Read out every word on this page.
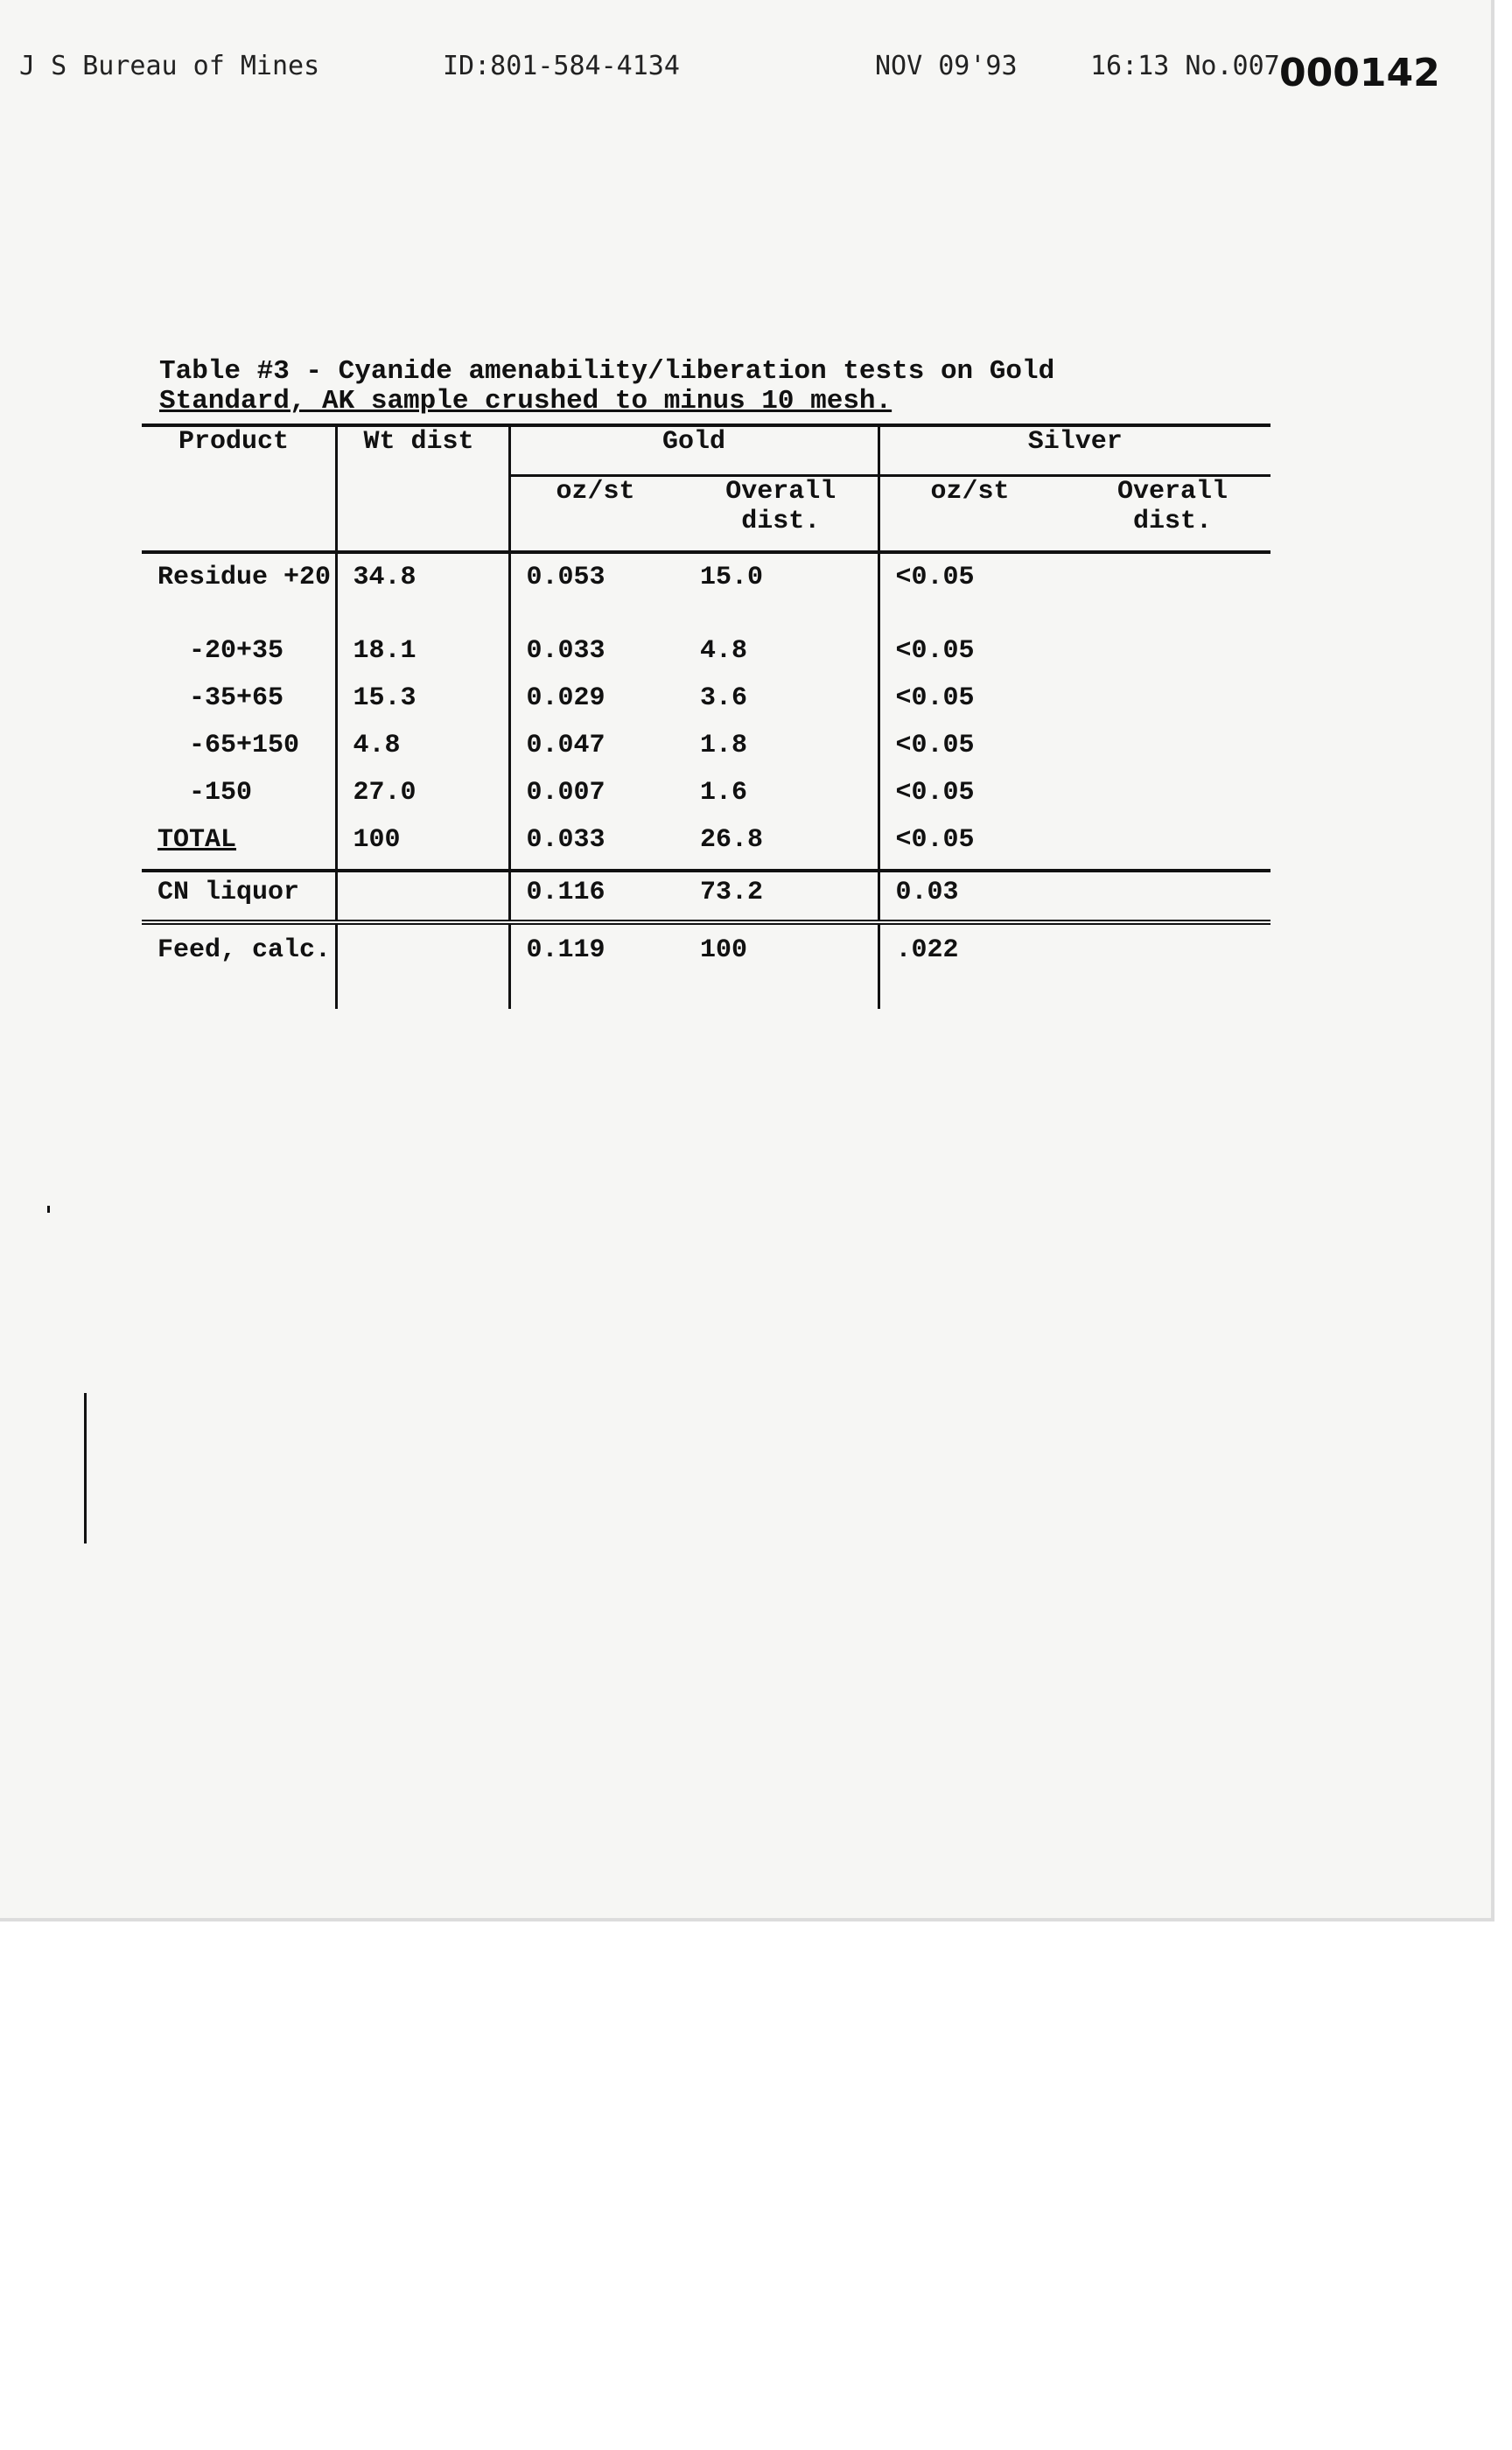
J S Bureau of Mines	ID:801-584-4134	NOV 09'93	16:13 No.007 000142
Table #3 - Cyanide amenability/liberation tests on Gold
Standard, AK sample crushed to minus 10 mesh.
Product	Wt dist	Gold		Silver	
		oz/st	Overall dist.	oz/st	Overall dist.
Residue +20	34.8	0.053	15.0	<0.05	
-20+35	18.1	0.033	4.8	<0.05	
-35+65	15.3	0.029	3.6	<0.05	
-65+150	4.8	0.047	1.8	<0.05	
-150	27.0	0.007	1.6	<0.05	
TOTAL	100	0.033	26.8	<0.05	
CN liquor		0.116	73.2	0.03	
Feed, calc.		0.119	100	.022	
